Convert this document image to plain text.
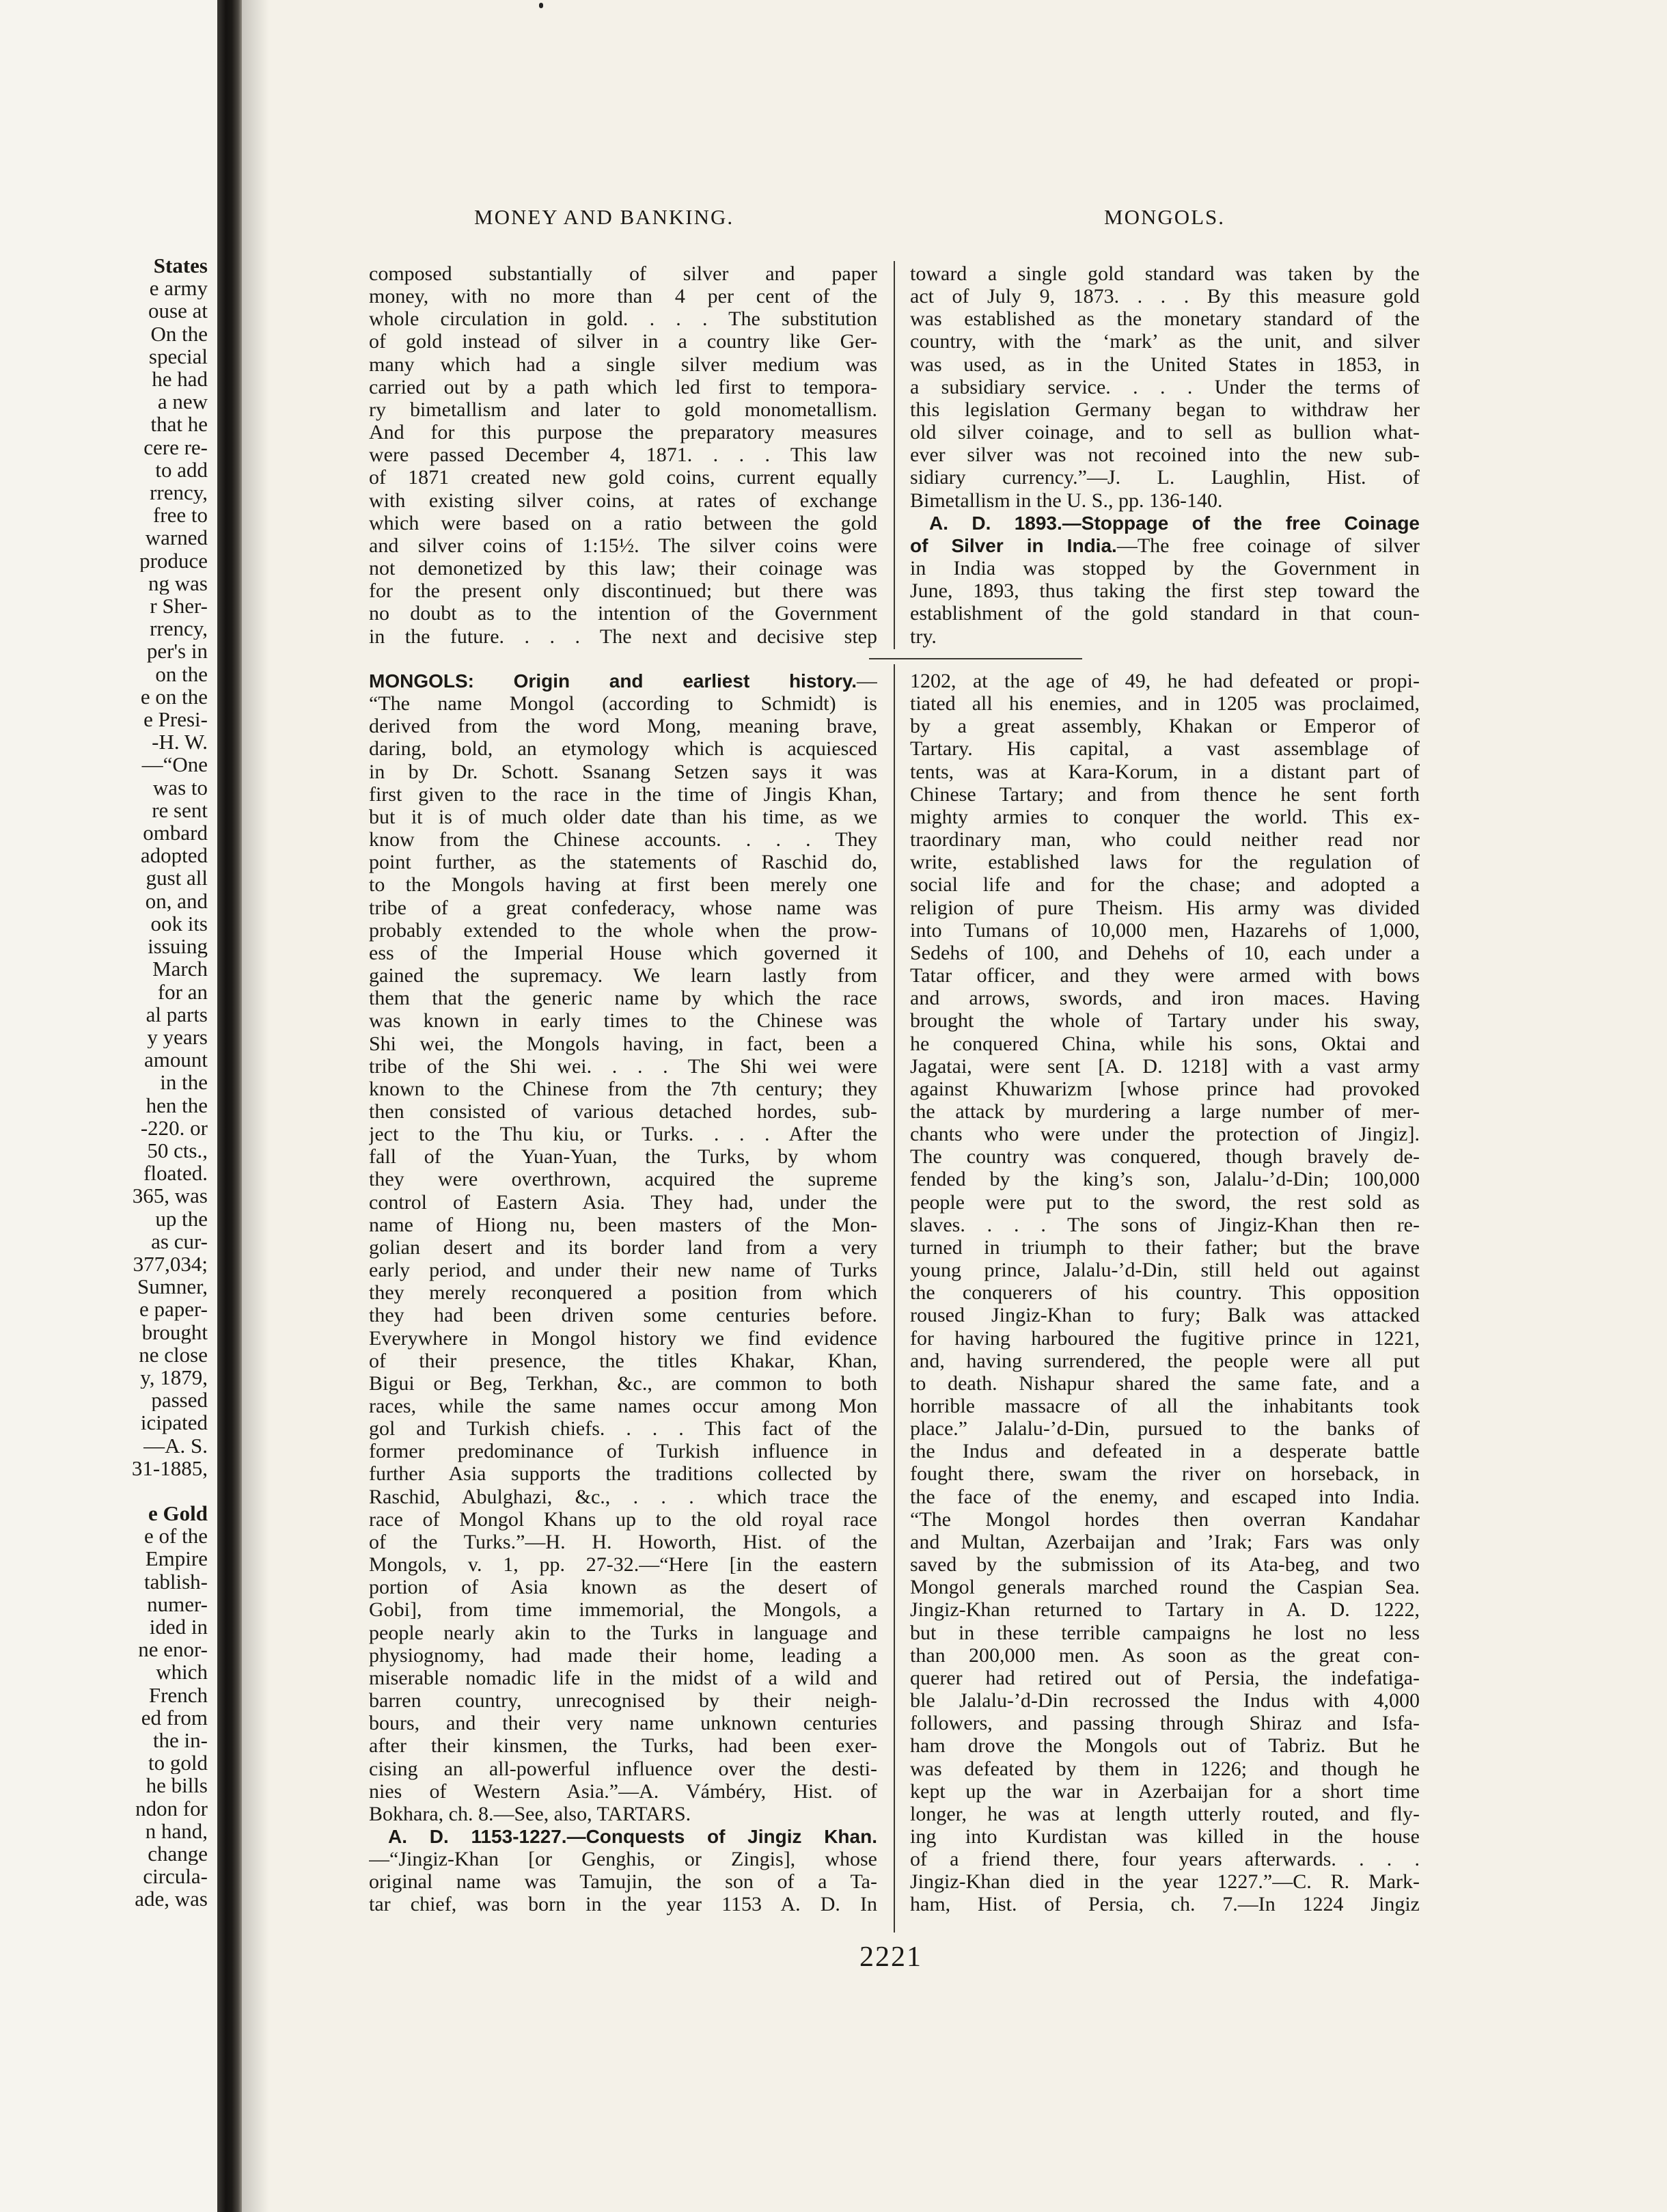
States
e army
ouse at
On the
special
he had
a new
that he
cere re-
to add
rrency,
free to
warned
produce
ng was
r Sher-
rrency,
per's in
on the
e on the
e Presi-
-H. W.
—“One
was to
re sent
ombard
adopted
gust all
on, and
ook its
issuing
March
for an
al parts
y years
amount
in the
hen the
-220. or
50 cts.,
floated.
365, was
up the
as cur-
377,034;
Sumner,
e paper-
brought
ne close
y, 1879,
passed
icipated
—A. S.
31-1885,
e Gold
e of the
Empire
tablish-
numer-
ided in
ne enor-
which
French
ed from
the in-
to gold
he bills
ndon for
n hand,
change
circula-
ade, was
MONEY AND BANKING.	MONGOLS.
composed substantially of silver and paper
money, with no more than 4 per cent of the
whole circulation in gold. . . . The substitution
of gold instead of silver in a country like Ger-
many which had a single silver medium was
carried out by a path which led first to tempora-
ry bimetallism and later to gold monometallism.
And for this purpose the preparatory measures
were passed December 4, 1871. . . . This law
of 1871 created new gold coins, current equally
with existing silver coins, at rates of exchange
which were based on a ratio between the gold
and silver coins of 1:15½. The silver coins were
not demonetized by this law; their coinage was
for the present only discontinued; but there was
no doubt as to the intention of the Government
in the future. . . . The next and decisive step
toward a single gold standard was taken by the
act of July 9, 1873. . . . By this measure gold
was established as the monetary standard of the
country, with the ‘mark’ as the unit, and silver
was used, as in the United States in 1853, in
a subsidiary service. . . . Under the terms of
this legislation Germany began to withdraw her
old silver coinage, and to sell as bullion what-
ever silver was not recoined into the new sub-
sidiary currency.”—J. L. Laughlin, Hist. of
Bimetallism in the U. S., pp. 136-140.
A. D. 1893.—Stoppage of the free Coinage
of Silver in India.—The free coinage of silver
in India was stopped by the Government in
June, 1893, thus taking the first step toward the
establishment of the gold standard in that coun-
try.
MONGOLS: Origin and earliest history.—
“The name Mongol (according to Schmidt) is
derived from the word Mong, meaning brave,
daring, bold, an etymology which is acquiesced
in by Dr. Schott. Ssanang Setzen says it was
first given to the race in the time of Jingis Khan,
but it is of much older date than his time, as we
know from the Chinese accounts. . . . They
point further, as the statements of Raschid do,
to the Mongols having at first been merely one
tribe of a great confederacy, whose name was
probably extended to the whole when the prow-
ess of the Imperial House which governed it
gained the supremacy. We learn lastly from
them that the generic name by which the race
was known in early times to the Chinese was
Shi wei, the Mongols having, in fact, been a
tribe of the Shi wei. . . . The Shi wei were
known to the Chinese from the 7th century; they
then consisted of various detached hordes, sub-
ject to the Thu kiu, or Turks. . . . After the
fall of the Yuan-Yuan, the Turks, by whom
they were overthrown, acquired the supreme
control of Eastern Asia. They had, under the
name of Hiong nu, been masters of the Mon-
golian desert and its border land from a very
early period, and under their new name of Turks
they merely reconquered a position from which
they had been driven some centuries before.
Everywhere in Mongol history we find evidence
of their presence, the titles Khakar, Khan,
Bigui or Beg, Terkhan, &c., are common to both
races, while the same names occur among Mon
gol and Turkish chiefs. . . . This fact of the
former predominance of Turkish influence in
further Asia supports the traditions collected by
Raschid, Abulghazi, &c., . . . which trace the
race of Mongol Khans up to the old royal race
of the Turks.”—H. H. Howorth, Hist. of the
Mongols, v. 1, pp. 27-32.—“Here [in the eastern
portion of Asia known as the desert of
Gobi], from time immemorial, the Mongols, a
people nearly akin to the Turks in language and
physiognomy, had made their home, leading a
miserable nomadic life in the midst of a wild and
barren country, unrecognised by their neigh-
bours, and their very name unknown centuries
after their kinsmen, the Turks, had been exer-
cising an all-powerful influence over the desti-
nies of Western Asia.”—A. Vámbéry, Hist. of
Bokhara, ch. 8.—See, also, TARTARS.
A. D. 1153-1227.—Conquests of Jingiz Khan.
—“Jingiz-Khan [or Genghis, or Zingis], whose
original name was Tamujin, the son of a Ta-
tar chief, was born in the year 1153 A. D. In
1202, at the age of 49, he had defeated or propi-
tiated all his enemies, and in 1205 was proclaimed,
by a great assembly, Khakan or Emperor of
Tartary. His capital, a vast assemblage of
tents, was at Kara-Korum, in a distant part of
Chinese Tartary; and from thence he sent forth
mighty armies to conquer the world. This ex-
traordinary man, who could neither read nor
write, established laws for the regulation of
social life and for the chase; and adopted a
religion of pure Theism. His army was divided
into Tumans of 10,000 men, Hazarehs of 1,000,
Sedehs of 100, and Dehehs of 10, each under a
Tatar officer, and they were armed with bows
and arrows, swords, and iron maces. Having
brought the whole of Tartary under his sway,
he conquered China, while his sons, Oktai and
Jagatai, were sent [A. D. 1218] with a vast army
against Khuwarizm [whose prince had provoked
the attack by murdering a large number of mer-
chants who were under the protection of Jingiz].
The country was conquered, though bravely de-
fended by the king’s son, Jalalu-’d-Din; 100,000
people were put to the sword, the rest sold as
slaves. . . . The sons of Jingiz-Khan then re-
turned in triumph to their father; but the brave
young prince, Jalalu-’d-Din, still held out against
the conquerers of his country. This opposition
roused Jingiz-Khan to fury; Balk was attacked
for having harboured the fugitive prince in 1221,
and, having surrendered, the people were all put
to death. Nishapur shared the same fate, and a
horrible massacre of all the inhabitants took
place.” Jalalu-’d-Din, pursued to the banks of
the Indus and defeated in a desperate battle
fought there, swam the river on horseback, in
the face of the enemy, and escaped into India.
“The Mongol hordes then overran Kandahar
and Multan, Azerbaijan and ’Irak; Fars was only
saved by the submission of its Ata-beg, and two
Mongol generals marched round the Caspian Sea.
Jingiz-Khan returned to Tartary in A. D. 1222,
but in these terrible campaigns he lost no less
than 200,000 men. As soon as the great con-
querer had retired out of Persia, the indefatiga-
ble Jalalu-’d-Din recrossed the Indus with 4,000
followers, and passing through Shiraz and Isfa-
ham drove the Mongols out of Tabriz. But he
was defeated by them in 1226; and though he
kept up the war in Azerbaijan for a short time
longer, he was at length utterly routed, and fly-
ing into Kurdistan was killed in the house
of a friend there, four years afterwards. . . .
Jingiz-Khan died in the year 1227.”—C. R. Mark-
ham, Hist. of Persia, ch. 7.—In 1224 Jingiz
2221
